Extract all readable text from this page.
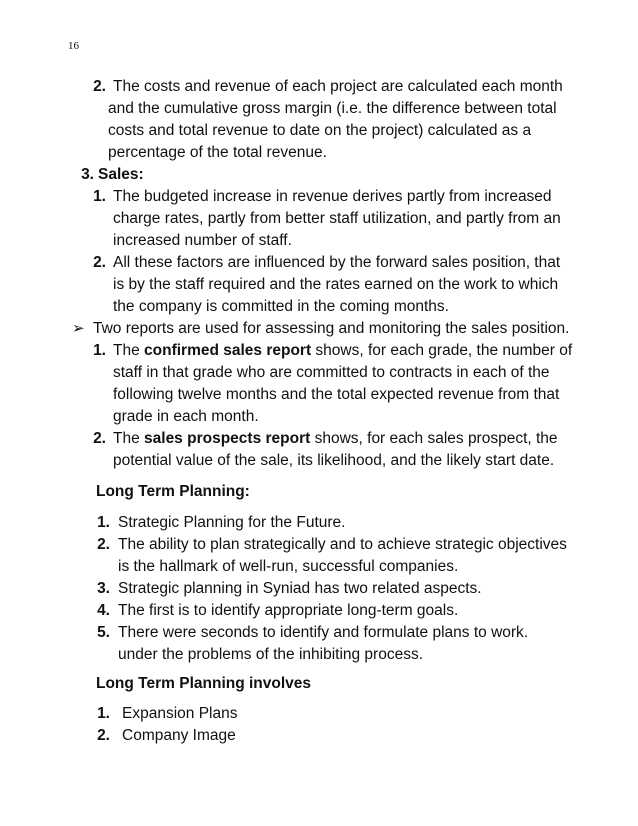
16
2. The costs and revenue of each project are calculated each month
and the cumulative gross margin (i.e. the difference between total
costs and total revenue to date on the project) calculated as a
percentage of the total revenue.
3. Sales:
1. The budgeted increase in revenue derives partly from increased
charge rates, partly from better staff utilization, and partly from an
increased number of staff.
2. All these factors are influenced by the forward sales position, that
is by the staff required and the rates earned on the work to which
the company is committed in the coming months.
➢ Two reports are used for assessing and monitoring the sales position.
1. The confirmed sales report shows, for each grade, the number of
staff in that grade who are committed to contracts in each of the
following twelve months and the total expected revenue from that
grade in each month.
2. The sales prospects report shows, for each sales prospect, the
potential value of the sale, its likelihood, and the likely start date.
Long Term Planning:
1. Strategic Planning for the Future.
2. The ability to plan strategically and to achieve strategic objectives
is the hallmark of well-run, successful companies.
3. Strategic planning in Syniad has two related aspects.
4. The first is to identify appropriate long-term goals.
5. There were seconds to identify and formulate plans to work.
under the problems of the inhibiting process.
Long Term Planning involves
1. Expansion Plans
2. Company Image
